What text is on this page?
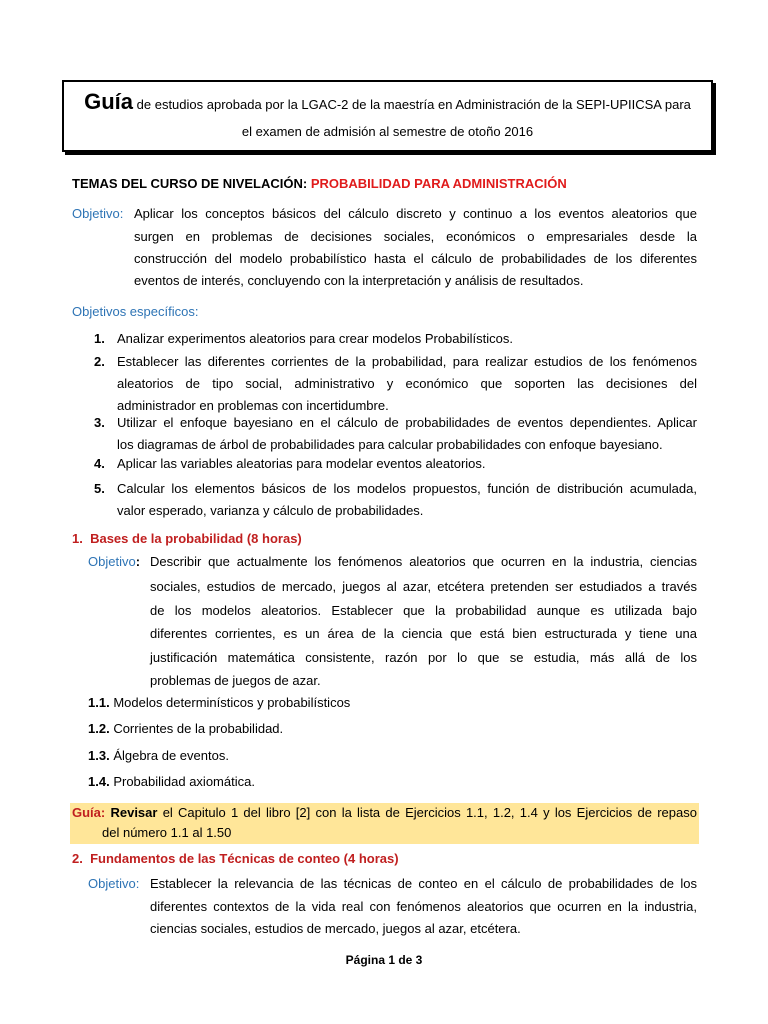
Guía de estudios aprobada por la LGAC-2 de la maestría en Administración de la SEPI-UPIICSA para
el examen de admisión al semestre de otoño 2016
TEMAS DEL CURSO DE NIVELACIÓN: PROBABILIDAD PARA ADMINISTRACIÓN
Objetivo: Aplicar los conceptos básicos del cálculo discreto y continuo a los eventos aleatorios que
surgen en problemas de decisiones sociales, económicos o empresariales desde la
construcción del modelo probabilístico hasta el cálculo de probabilidades de los diferentes
eventos de interés, concluyendo con la interpretación y análisis de resultados.
Objetivos específicos:
1. Analizar experimentos aleatorios para crear modelos Probabilísticos.
2. Establecer las diferentes corrientes de la probabilidad, para realizar estudios de los fenómenos
aleatorios de tipo social, administrativo y económico que soporten las decisiones del
administrador en problemas con incertidumbre.
3. Utilizar el enfoque bayesiano en el cálculo de probabilidades de eventos dependientes. Aplicar
los diagramas de árbol de probabilidades para calcular probabilidades con enfoque bayesiano.
4. Aplicar las variables aleatorias para modelar eventos aleatorios.
5. Calcular los elementos básicos de los modelos propuestos, función de distribución acumulada,
valor esperado, varianza y cálculo de probabilidades.
1. Bases de la probabilidad (8 horas)
Objetivo: Describir que actualmente los fenómenos aleatorios que ocurren en la industria, ciencias
sociales, estudios de mercado, juegos al azar, etcétera pretenden ser estudiados a través
de los modelos aleatorios. Establecer que la probabilidad aunque es utilizada bajo
diferentes corrientes, es un área de la ciencia que está bien estructurada y tiene una
justificación matemática consistente, razón por lo que se estudia, más allá de los
problemas de juegos de azar.
1.1. Modelos determinísticos y probabilísticos
1.2. Corrientes de la probabilidad.
1.3. Álgebra de eventos.
1.4. Probabilidad axiomática.
Guía: Revisar el Capitulo 1 del libro [2] con la lista de Ejercicios 1.1, 1.2, 1.4 y los Ejercicios de repaso
del número 1.1 al 1.50
2. Fundamentos de las Técnicas de conteo (4 horas)
Objetivo: Establecer la relevancia de las técnicas de conteo en el cálculo de probabilidades de los
diferentes contextos de la vida real con fenómenos aleatorios que ocurren en la industria,
ciencias sociales, estudios de mercado, juegos al azar, etcétera.
Página 1 de 3
